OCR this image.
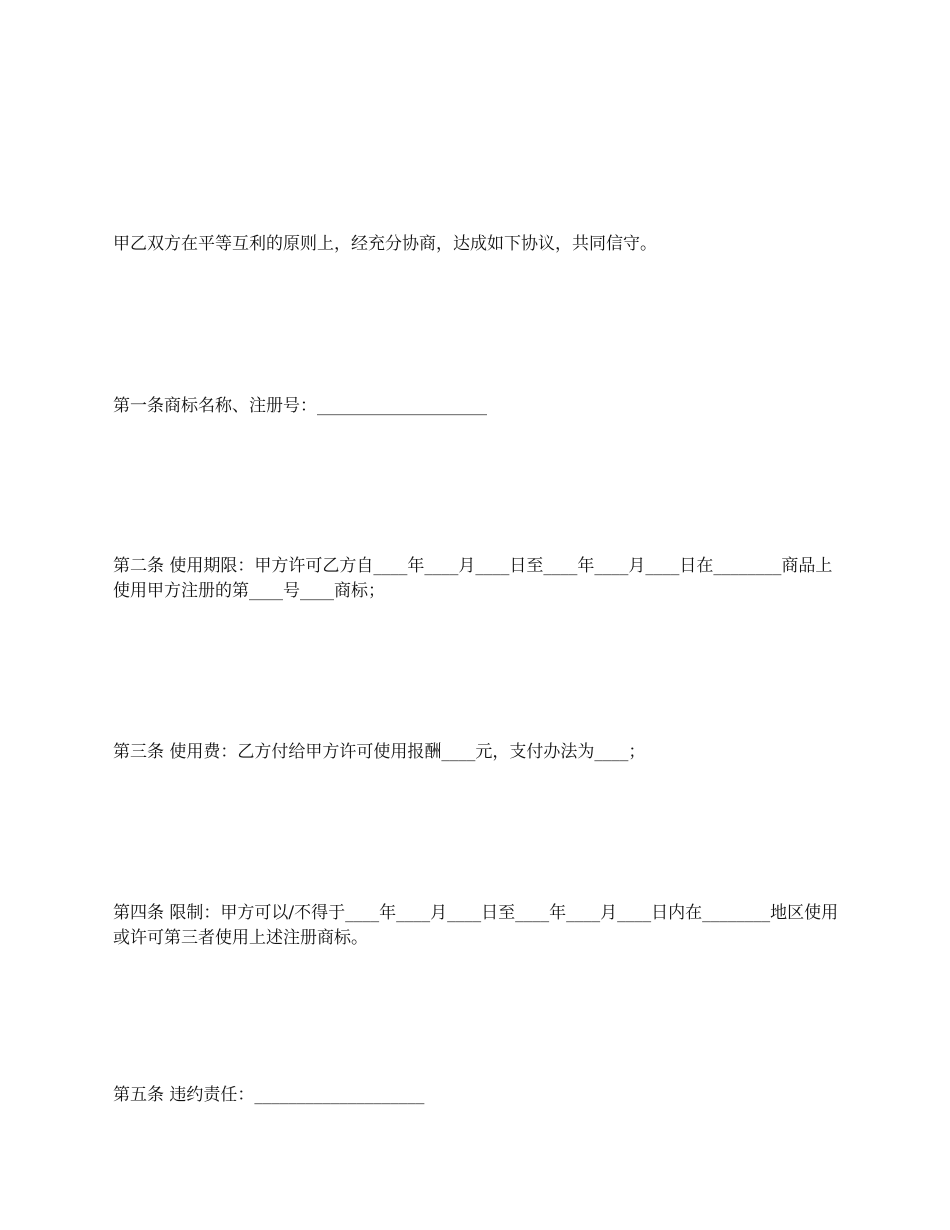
甲乙双方在平等互利的原则上，经充分协商，达成如下协议，共同信守。
第一条商标名称、注册号：____________________
第二条 使用期限：甲方许可乙方自____年____月____日至____年____月____日在________商品上使用甲方注册的第____号____商标；
第三条 使用费：乙方付给甲方许可使用报酬____元，支付办法为____；
第四条 限制：甲方可以/不得于____年____月____日至____年____月____日内在________地区使用或许可第三者使用上述注册商标。
第五条 违约责任：____________________
